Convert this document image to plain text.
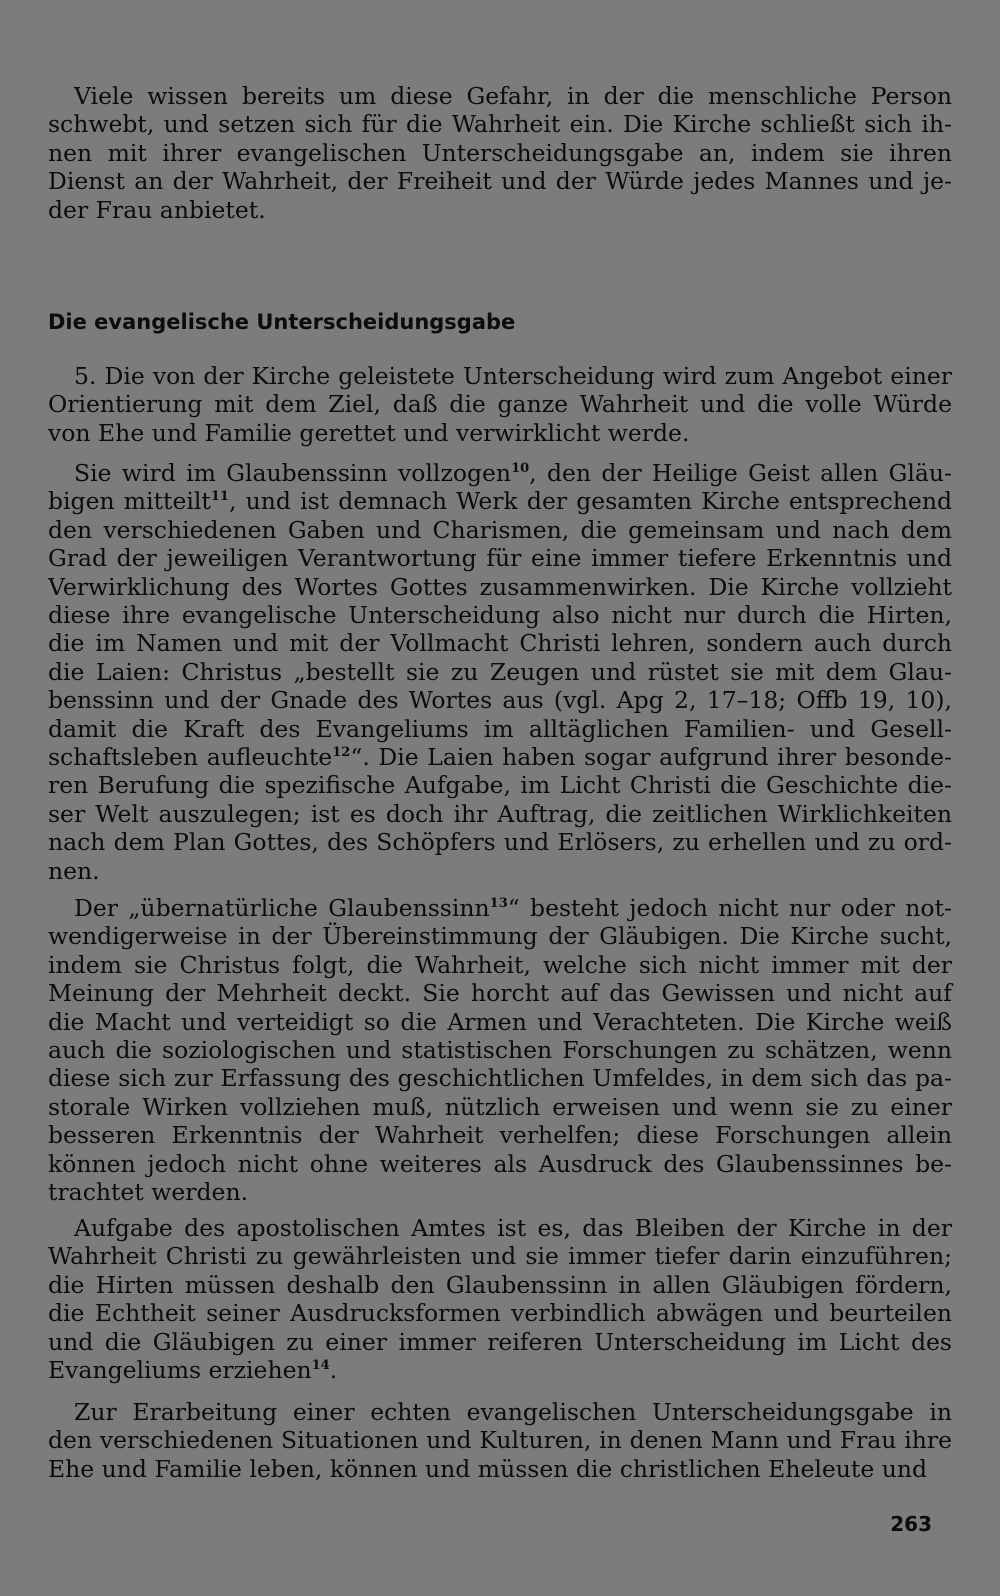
Viele wissen bereits um diese Gefahr, in der die menschliche Person schwebt, und setzen sich für die Wahrheit ein. Die Kirche schließt sich ihnen mit ihrer evangelischen Unterscheidungsgabe an, indem sie ihren Dienst an der Wahrheit, der Freiheit und der Würde jedes Mannes und jeder Frau anbietet.

Die evangelische Unterscheidungsgabe

5. Die von der Kirche geleistete Unterscheidung wird zum Angebot einer Orientierung mit dem Ziel, daß die ganze Wahrheit und die volle Würde von Ehe und Familie gerettet und verwirklicht werde.

Sie wird im Glaubenssinn vollzogen$^{10}$, den der Heilige Geist allen Gläubigen mitteilt$^{11}$, und ist demnach Werk der gesamten Kirche entsprechend den verschiedenen Gaben und Charismen, die gemeinsam und nach dem Grad der jeweiligen Verantwortung für eine immer tiefere Erkenntnis und Verwirklichung des Wortes Gottes zusammenwirken. Die Kirche vollzieht diese ihre evangelische Unterscheidung also nicht nur durch die Hirten, die im Namen und mit der Vollmacht Christi lehren, sondern auch durch die Laien: Christus „bestellt sie zu Zeugen und rüstet sie mit dem Glaubenssinn und der Gnade des Wortes aus (vgl. Apg 2, 17–18; Offb 19, 10), damit die Kraft des Evangeliums im alltäglichen Familien- und Gesellschaftsleben aufleuchte$^{12}$“. Die Laien haben sogar aufgrund ihrer besonderen Berufung die spezifische Aufgabe, im Licht Christi die Geschichte dieser Welt auszulegen; ist es doch ihr Auftrag, die zeitlichen Wirklichkeiten nach dem Plan Gottes, des Schöpfers und Erlösers, zu erhellen und zu ordnen.

Der „übernatürliche Glaubenssinn$^{13}$“ besteht jedoch nicht nur oder notwendigerweise in der Übereinstimmung der Gläubigen. Die Kirche sucht, indem sie Christus folgt, die Wahrheit, welche sich nicht immer mit der Meinung der Mehrheit deckt. Sie horcht auf das Gewissen und nicht auf die Macht und verteidigt so die Armen und Verachteten. Die Kirche weiß auch die soziologischen und statistischen Forschungen zu schätzen, wenn diese sich zur Erfassung des geschichtlichen Umfeldes, in dem sich das pastorale Wirken vollziehen muß, nützlich erweisen und wenn sie zu einer besseren Erkenntnis der Wahrheit verhelfen; diese Forschungen allein können jedoch nicht ohne weiteres als Ausdruck des Glaubenssinnes betrachtet werden.

Aufgabe des apostolischen Amtes ist es, das Bleiben der Kirche in der Wahrheit Christi zu gewährleisten und sie immer tiefer darin einzuführen; die Hirten müssen deshalb den Glaubenssinn in allen Gläubigen fördern, die Echtheit seiner Ausdrucksformen verbindlich abwägen und beurteilen und die Gläubigen zu einer immer reiferen Unterscheidung im Licht des Evangeliums erziehen$^{14}$.

Zur Erarbeitung einer echten evangelischen Unterscheidungsgabe in den verschiedenen Situationen und Kulturen, in denen Mann und Frau ihre Ehe und Familie leben, können und müssen die christlichen Eheleute und

263
